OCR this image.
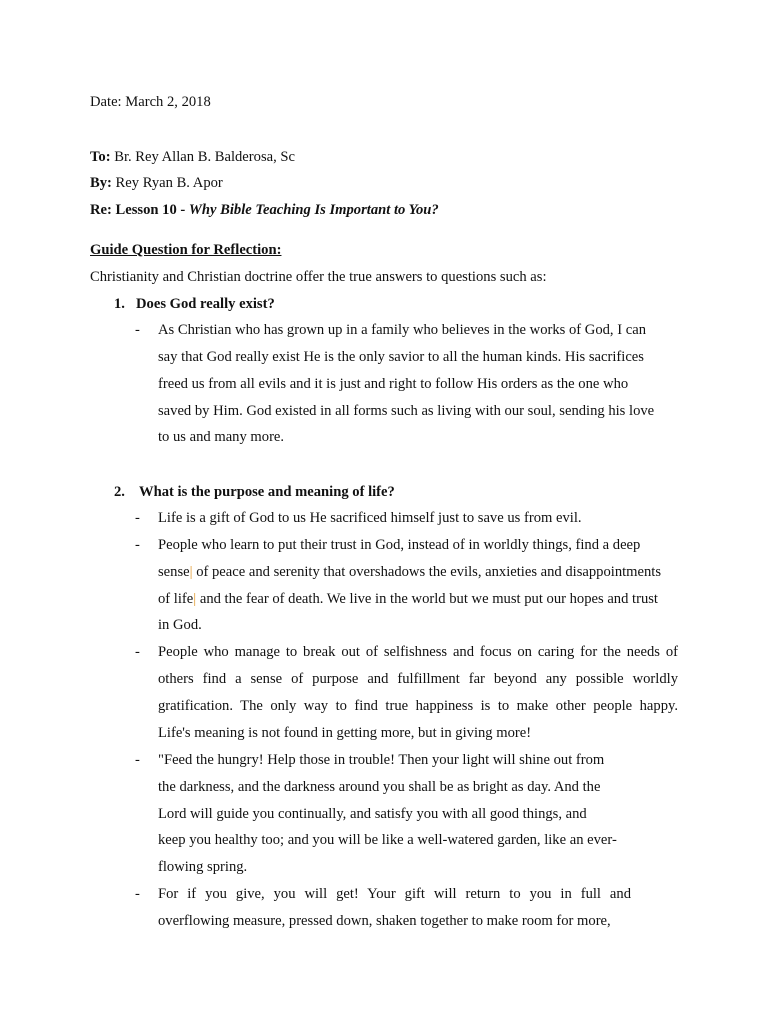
Date: March 2, 2018
To: Br. Rey Allan B. Balderosa, Sc
By: Rey Ryan B. Apor
Re: Lesson 10 - Why Bible Teaching Is Important to You?
Guide Question for Reflection:
Christianity and Christian doctrine offer the true answers to questions such as:
1. Does God really exist?
- As Christian who has grown up in a family who believes in the works of God, I can
say that God really exist He is the only savior to all the human kinds. His sacrifices
freed us from all evils and it is just and right to follow His orders as the one who
saved by Him. God existed in all forms such as living with our soul, sending his love
to us and many more.
2. What is the purpose and meaning of life?
- Life is a gift of God to us He sacrificed himself just to save us from evil.
- People who learn to put their trust in God, instead of in worldly things, find a deep
sense| of peace and serenity that overshadows the evils, anxieties and disappointments
of life| and the fear of death. We live in the world but we must put our hopes and trust
in God.
- People who manage to break out of selfishness and focus on caring for the needs of
others find a sense of purpose and fulfillment far beyond any possible worldly
gratification. The only way to find true happiness is to make other people happy.
Life's meaning is not found in getting more, but in giving more!
- "Feed the hungry! Help those in trouble! Then your light will shine out from
the darkness, and the darkness around you shall be as bright as day. And the
Lord will guide you continually, and satisfy you with all good things, and
keep you healthy too; and you will be like a well-watered garden, like an ever-
flowing spring.
- For if you give, you will get! Your gift will return to you in full and
overflowing measure, pressed down, shaken together to make room for more,
